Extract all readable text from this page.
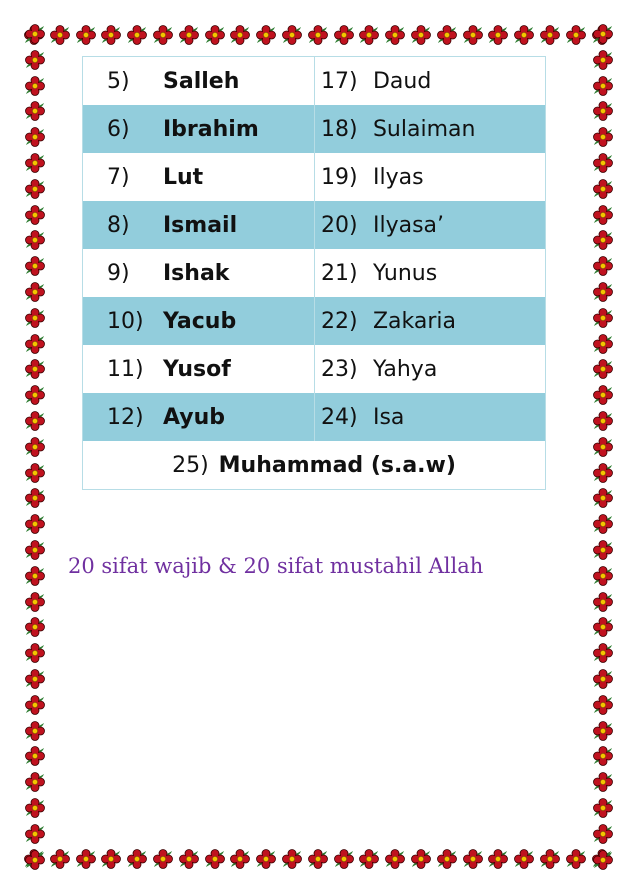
5) Salleh	17) Daud
6) Ibrahim	18) Sulaiman
7) Lut	19) Ilyas
8) Ismail	20) Ilyasa’
9) Ishak	21) Yunus
10) Yacub	22) Zakaria
11) Yusof	23) Yahya
12) Ayub	24) Isa
25) Muhammad (s.a.w)	
20 sifat wajib & 20 sifat mustahil Allah
